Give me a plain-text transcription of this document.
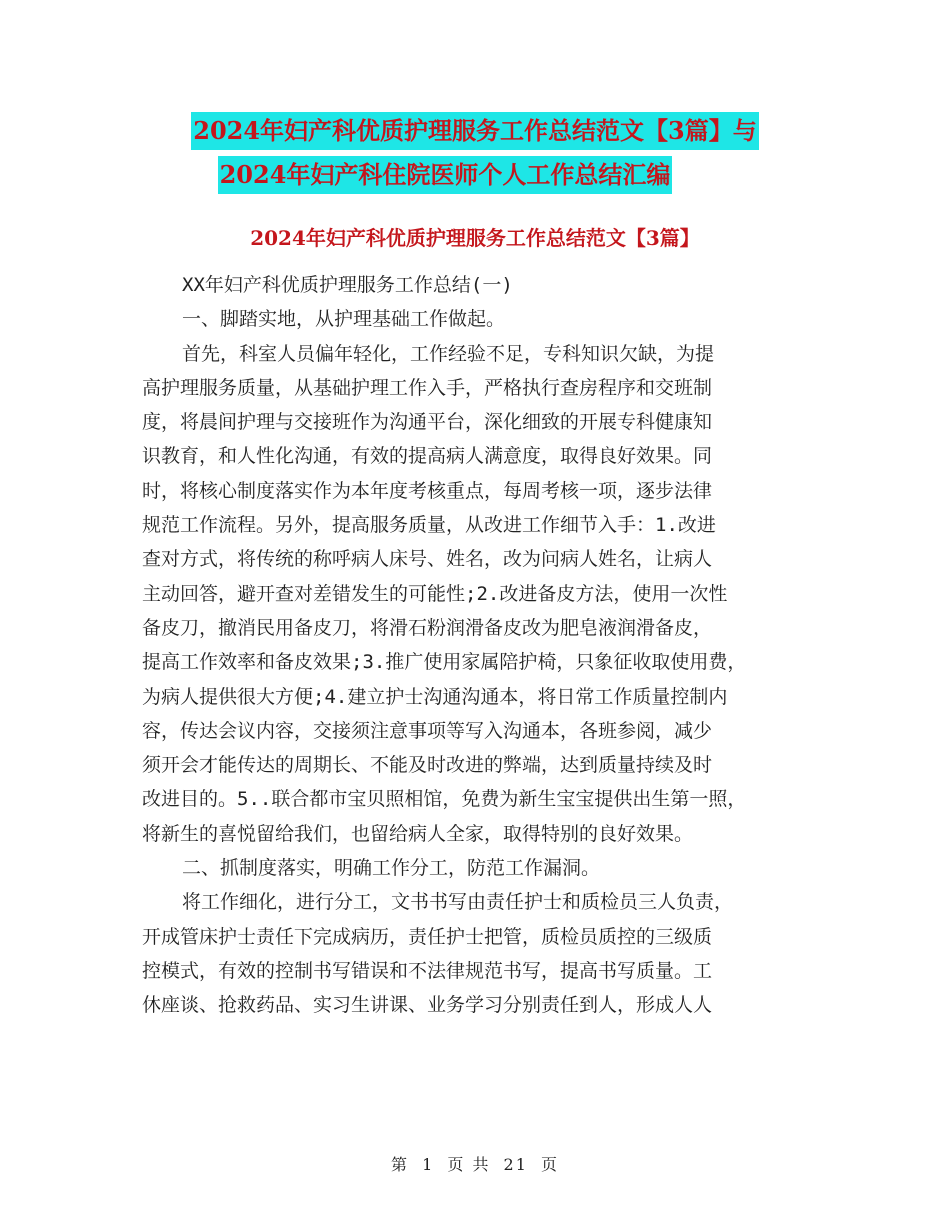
2024年妇产科优质护理服务工作总结范文【3篇】与
2024年妇产科住院医师个人工作总结汇编
2024年妇产科优质护理服务工作总结范文【3篇】
XX年妇产科优质护理服务工作总结(一)
一、脚踏实地，从护理基础工作做起。
首先，科室人员偏年轻化，工作经验不足，专科知识欠缺，为提
高护理服务质量，从基础护理工作入手，严格执行查房程序和交班制
度，将晨间护理与交接班作为沟通平台，深化细致的开展专科健康知
识教育，和人性化沟通，有效的提高病人满意度，取得良好效果。同
时，将核心制度落实作为本年度考核重点，每周考核一项，逐步法律
规范工作流程。另外，提高服务质量，从改进工作细节入手：1.改进
查对方式，将传统的称呼病人床号、姓名，改为问病人姓名，让病人
主动回答，避开查对差错发生的可能性;2.改进备皮方法，使用一次性
备皮刀，撤消民用备皮刀，将滑石粉润滑备皮改为肥皂液润滑备皮，
提高工作效率和备皮效果;3.推广使用家属陪护椅，只象征收取使用费，
为病人提供很大方便;4.建立护士沟通沟通本，将日常工作质量控制内
容，传达会议内容，交接须注意事项等写入沟通本，各班参阅，减少
须开会才能传达的周期长、不能及时改进的弊端，达到质量持续及时
改进目的。5..联合都市宝贝照相馆，免费为新生宝宝提供出生第一照，
将新生的喜悦留给我们，也留给病人全家，取得特别的良好效果。
二、抓制度落实，明确工作分工，防范工作漏洞。
将工作细化，进行分工，文书书写由责任护士和质检员三人负责，
开成管床护士责任下完成病历，责任护士把管，质检员质控的三级质
控模式，有效的控制书写错误和不法律规范书写，提高书写质量。工
休座谈、抢救药品、实习生讲课、业务学习分别责任到人，形成人人
第 1 页 共 21 页
